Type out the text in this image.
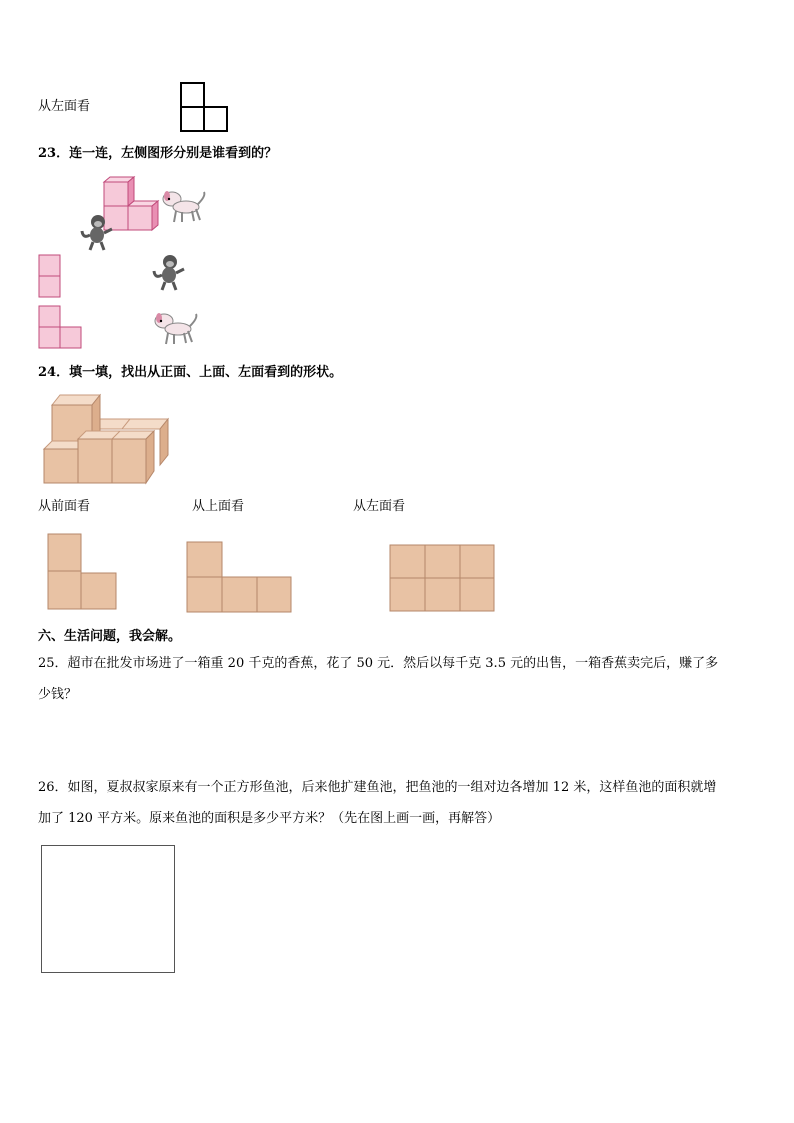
从左面看
23．连一连，左侧图形分别是谁看到的？
24．填一填，找出从正面、上面、左面看到的形状。
从前面看	从上面看	从左面看
六、生活问题，我会解。
25．超市在批发市场进了一箱重 20 千克的香蕉，花了 50 元．然后以每千克 3.5 元的出售，一箱香蕉卖完后，赚了多
少钱？
26．如图，夏叔叔家原来有一个正方形鱼池，后来他扩建鱼池，把鱼池的一组对边各增加 12 米，这样鱼池的面积就增
加了 120 平方米。原来鱼池的面积是多少平方米？（先在图上画一画，再解答）
